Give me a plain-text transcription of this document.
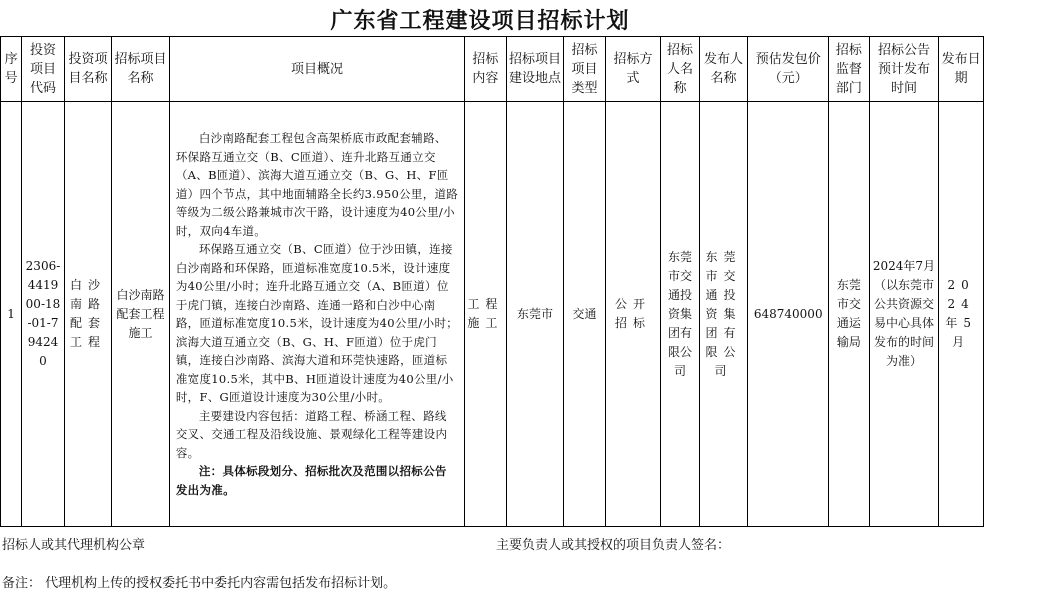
广东省工程建设项目招标计划
序号	投资项目代码	投资项目名称	招标项目名称	项目概况	招标内容	招标项目建设地点	招标项目类型	招标方式	招标人名称	发布人名称	预估发包价（元）	招标监督部门	招标公告预计发布时间	发布日期
1	2306-441900-18-01-794240	白沙南路配套工程	白沙南路配套工程施工	白沙南路配套工程包含高架桥底市政配套辅路、环保路互通立交（B、C匝道）、连升北路互通立交（A、B匝道）、滨海大道互通立交（B、G、H、F匝道）四个节点，其中地面辅路全长约3.950公里，道路等级为二级公路兼城市次干路，设计速度为40公里/小时，双向4车道。

环保路互通立交（B、C匝道）位于沙田镇，连接白沙南路和环保路，匝道标准宽度10.5米，设计速度为40公里/小时；连升北路互通立交（A、B匝道）位于虎门镇，连接白沙南路、连通一路和白沙中心南路，匝道标准宽度10.5米，设计速度为40公里/小时；滨海大道互通立交（B、G、H、F匝道）位于虎门镇，连接白沙南路、滨海大道和环莞快速路，匝道标准宽度10.5米，其中B、H匝道设计速度为40公里/小时，F、G匝道设计速度为30公里/小时。

主要建设内容包括：道路工程、桥涵工程、路线交叉、交通工程及沿线设施、景观绿化工程等建设内容。

注：具体标段划分、招标批次及范围以招标公告发出为准。	工程施工	东莞市	交通	公开招标	东莞市交通投资集团有限公司	东莞市交通投资集团有限公司	648740000	东莞市交通运输局	2024年7月（以东莞市公共资源交易中心具体发布的时间为准）	2024年5月
招标人或其代理机构公章	主要负责人或其授权的项目负责人签名：
备注： 代理机构上传的授权委托书中委托内容需包括发布招标计划。
